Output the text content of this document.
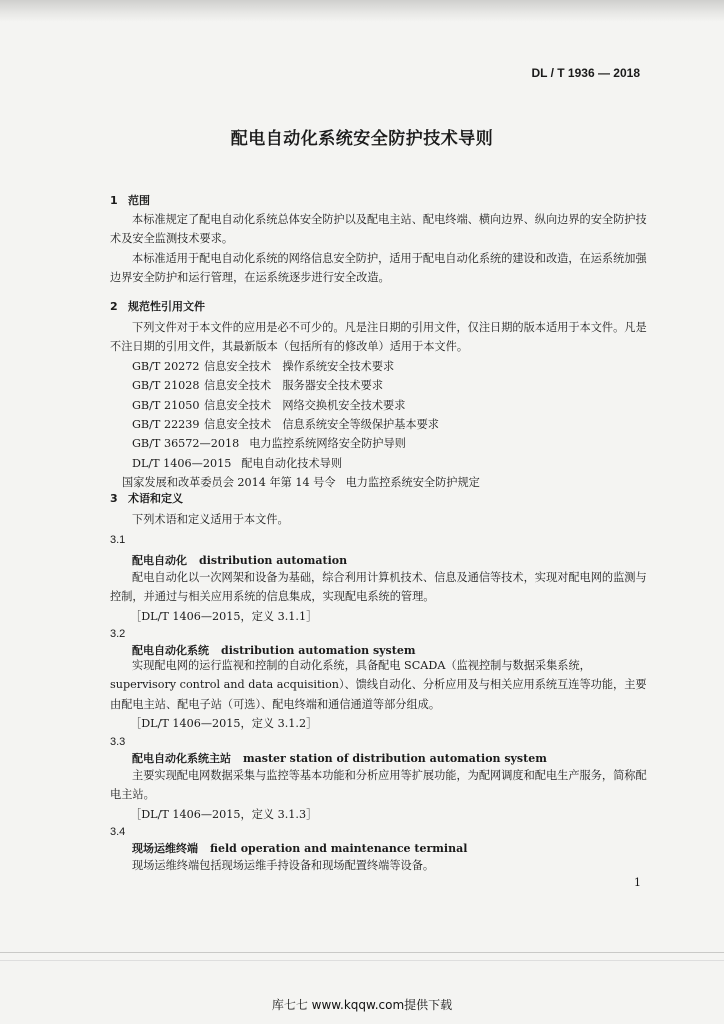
DL / T 1936 — 2018
配电自动化系统安全防护技术导则
1 范围

本标准规定了配电自动化系统总体安全防护以及配电主站、配电终端、横向边界、纵向边界的安全防护技术及安全监测技术要求。

本标准适用于配电自动化系统的网络信息安全防护，适用于配电自动化系统的建设和改造，在运系统加强边界安全防护和运行管理，在运系统逐步进行安全改造。

2 规范性引用文件

下列文件对于本文件的应用是必不可少的。凡是注日期的引用文件，仅注日期的版本适用于本文件。凡是不注日期的引用文件，其最新版本（包括所有的修改单）适用于本文件。

GB/T 20272 信息安全技术　操作系统安全技术要求

GB/T 21028 信息安全技术　服务器安全技术要求

GB/T 21050 信息安全技术　网络交换机安全技术要求

GB/T 22239 信息安全技术　信息系统安全等级保护基本要求

GB/T 36572—2018 电力监控系统网络安全防护导则

DL/T 1406—2015 配电自动化技术导则

国家发展和改革委员会 2014 年第 14 号令 电力监控系统安全防护规定

3 术语和定义

下列术语和定义适用于本文件。

3.1
配电自动化 distribution automation

配电自动化以一次网架和设备为基础，综合利用计算机技术、信息及通信等技术，实现对配电网的监测与控制，并通过与相关应用系统的信息集成，实现配电系统的管理。

［DL/T 1406—2015，定义 3.1.1］

3.2
配电自动化系统 distribution automation system

实现配电网的运行监视和控制的自动化系统，具备配电 SCADA（监视控制与数据采集系统，supervisory control and data acquisition）、馈线自动化、分析应用及与相关应用系统互连等功能，主要由配电主站、配电子站（可选）、配电终端和通信通道等部分组成。

［DL/T 1406—2015，定义 3.1.2］

3.3
配电自动化系统主站 master station of distribution automation system

主要实现配电网数据采集与监控等基本功能和分析应用等扩展功能，为配网调度和配电生产服务，简称配电主站。

［DL/T 1406—2015，定义 3.1.3］

3.4
现场运维终端 field operation and maintenance terminal

现场运维终端包括现场运维手持设备和现场配置终端等设备。

1
库七七 www.kqqw.com提供下载
